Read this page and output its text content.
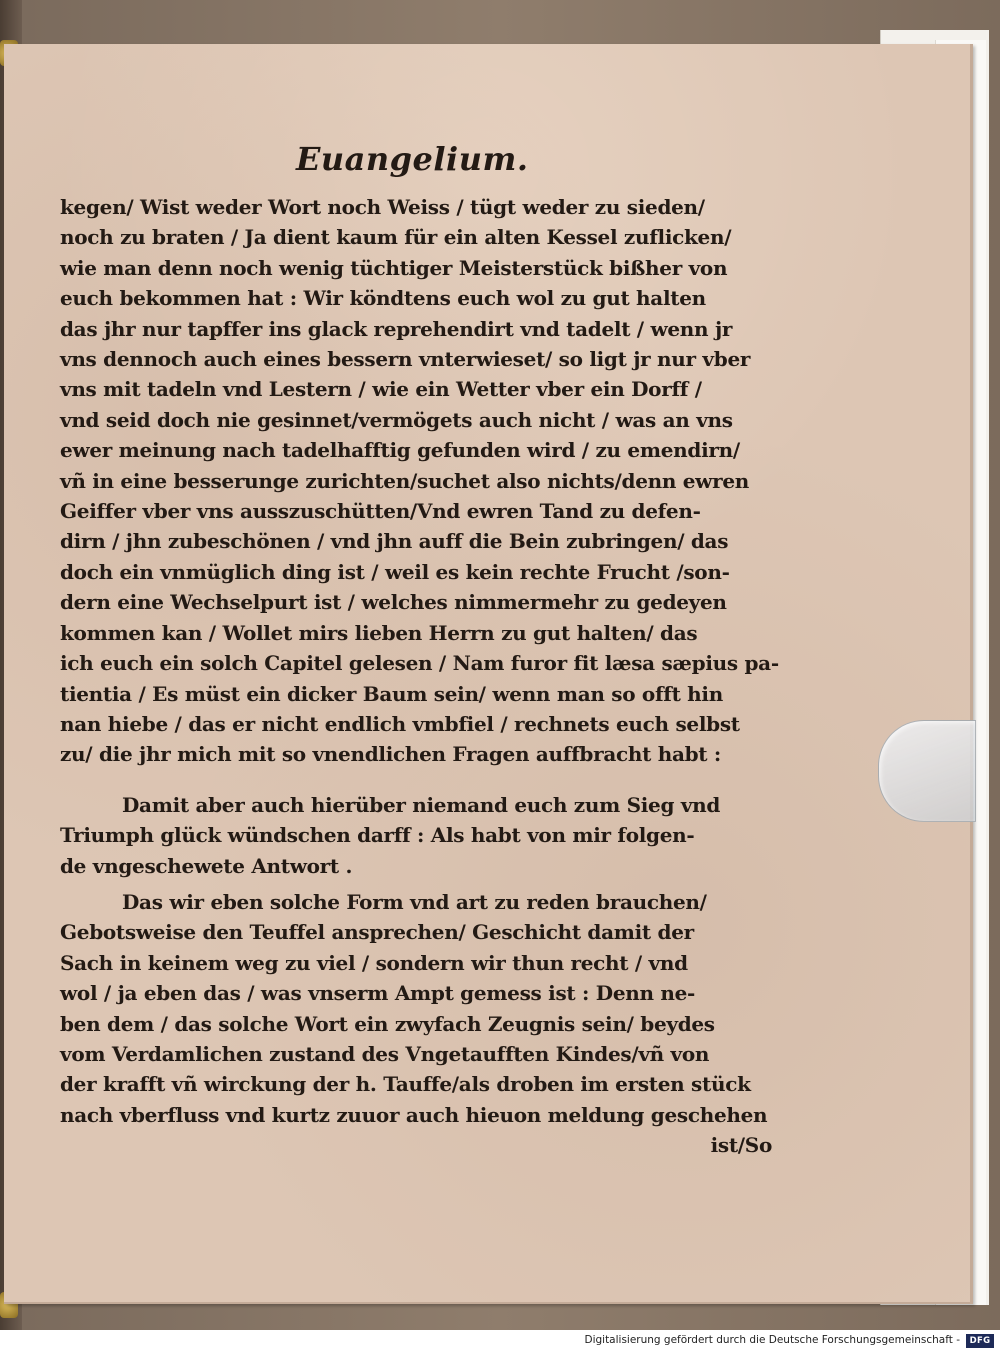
Euangelium.
kegen/ Wist weder Wort noch Weiss / tügt weder zu sieden/
noch zu braten / Ja dient kaum für ein alten Kessel zuflicken/
wie man denn noch wenig tüchtiger Meisterstück bißher von
euch bekommen hat : Wir köndtens euch wol zu gut halten
das jhr nur tapffer ins glack reprehendirt vnd tadelt / wenn jr
vns dennoch auch eines bessern vnterwieset/ so ligt jr nur vber
vns mit tadeln vnd Lestern / wie ein Wetter vber ein Dorff /
vnd seid doch nie gesinnet/vermögets auch nicht / was an vns
ewer meinung nach tadelhafftig gefunden wird / zu emendirn/
vñ in eine besserunge zurichten/suchet also nichts/denn ewren
Geiffer vber vns ausszuschütten/Vnd ewren Tand zu defen-
dirn / jhn zubeschönen / vnd jhn auff die Bein zubringen/ das
doch ein vnmüglich ding ist / weil es kein rechte Frucht /son-
dern eine Wechselpurt ist / welches nimmermehr zu gedeyen
kommen kan / Wollet mirs lieben Herrn zu gut halten/ das
ich euch ein solch Capitel gelesen / Nam furor fit læsa sæpius pa-
tientia / Es müst ein dicker Baum sein/ wenn man so offt hin
nan hiebe / das er nicht endlich vmbfiel / rechnets euch selbst
zu/ die jhr mich mit so vnendlichen Fragen auffbracht habt :
Damit aber auch hierüber niemand euch zum Sieg vnd
Triumph glück wündschen darff : Als habt von mir folgen-
de vngeschewete Antwort .
Das wir eben solche Form vnd art zu reden brauchen/
Gebotsweise den Teuffel ansprechen/ Geschicht damit der
Sach in keinem weg zu viel / sondern wir thun recht / vnd
wol / ja eben das / was vnserm Ampt gemess ist : Denn ne-
ben dem / das solche Wort ein zwyfach Zeugnis sein/ beydes
vom Verdamlichen zustand des Vngetaufften Kindes/vñ von
der krafft vñ wirckung der h. Tauffe/als droben im ersten stück
nach vberfluss vnd kurtz zuuor auch hieuon meldung geschehen
ist/So
Digitalisierung gefördert durch die Deutsche Forschungsgemeinschaft -	DFG
